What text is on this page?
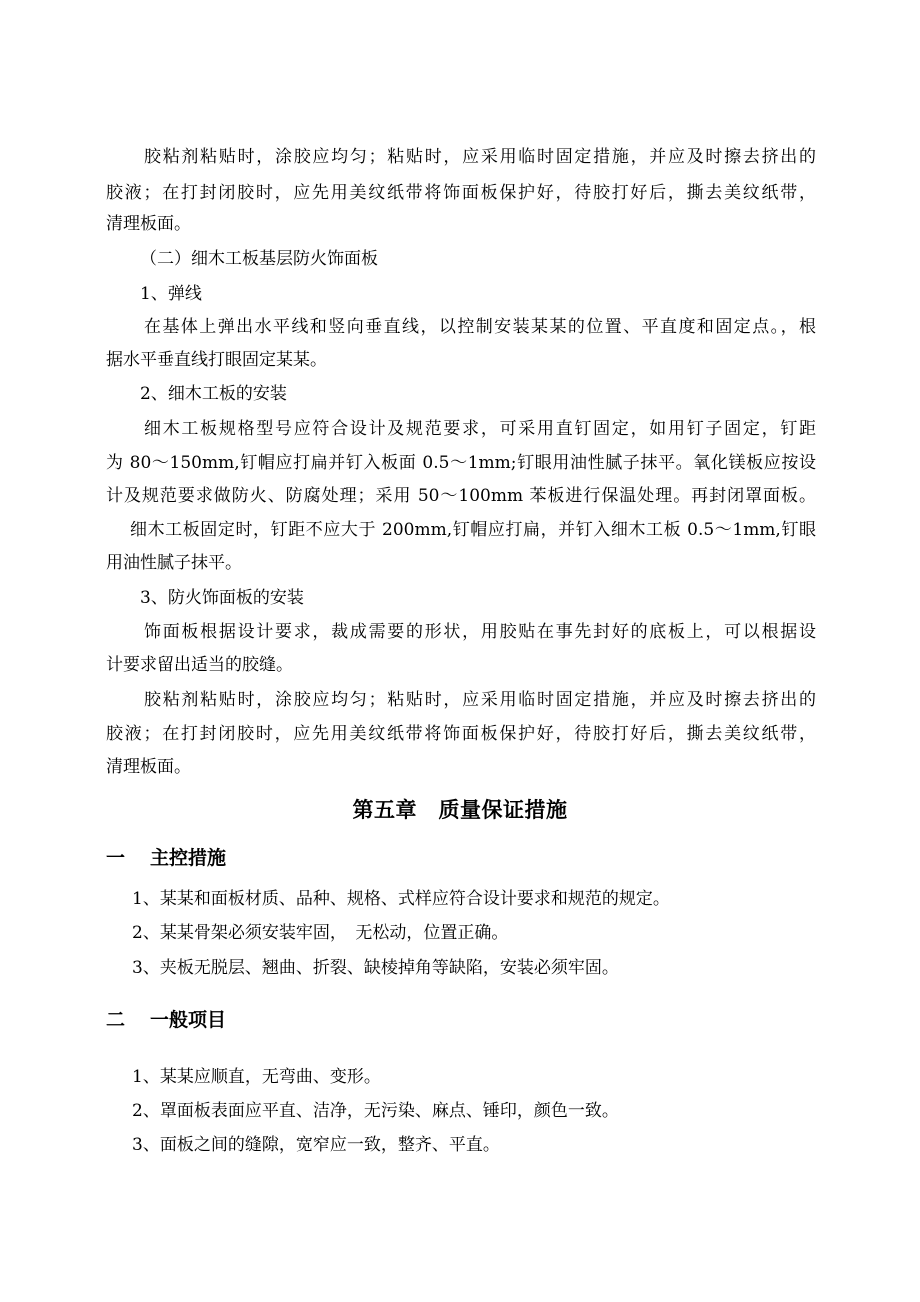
胶粘剂粘贴时，涂胶应均匀；粘贴时，应采用临时固定措施，并应及时擦去挤出的
胶液；在打封闭胶时，应先用美纹纸带将饰面板保护好，待胶打好后，撕去美纹纸带，
清理板面。
（二）细木工板基层防火饰面板
1、弹线
在基体上弹出水平线和竖向垂直线，以控制安装某某的位置、平直度和固定点。，根
据水平垂直线打眼固定某某。
2、细木工板的安装
细木工板规格型号应符合设计及规范要求，可采用直钉固定，如用钉子固定，钉距
为 80～150mm,钉帽应打扁并钉入板面 0.5～1mm;钉眼用油性腻子抹平。氧化镁板应按设
计及规范要求做防火、防腐处理；采用 50～100mm 苯板进行保温处理。再封闭罩面板。
细木工板固定时，钉距不应大于 200mm,钉帽应打扁，并钉入细木工板 0.5～1mm,钉眼
用油性腻子抹平。
3、防火饰面板的安装
饰面板根据设计要求，裁成需要的形状，用胶贴在事先封好的底板上，可以根据设
计要求留出适当的胶缝。
胶粘剂粘贴时，涂胶应均匀；粘贴时，应采用临时固定措施，并应及时擦去挤出的
胶液；在打封闭胶时，应先用美纹纸带将饰面板保护好，待胶打好后，撕去美纹纸带，
清理板面。
第五章　质量保证措施
一 主控措施
1、某某和面板材质、品种、规格、式样应符合设计要求和规范的规定。
2、某某骨架必须安装牢固，　无松动，位置正确。
3、夹板无脱层、翘曲、折裂、缺棱掉角等缺陷，安装必须牢固。
二 一般项目
1、某某应顺直，无弯曲、变形。
2、罩面板表面应平直、洁净，无污染、麻点、锤印，颜色一致。
3、面板之间的缝隙，宽窄应一致，整齐、平直。
